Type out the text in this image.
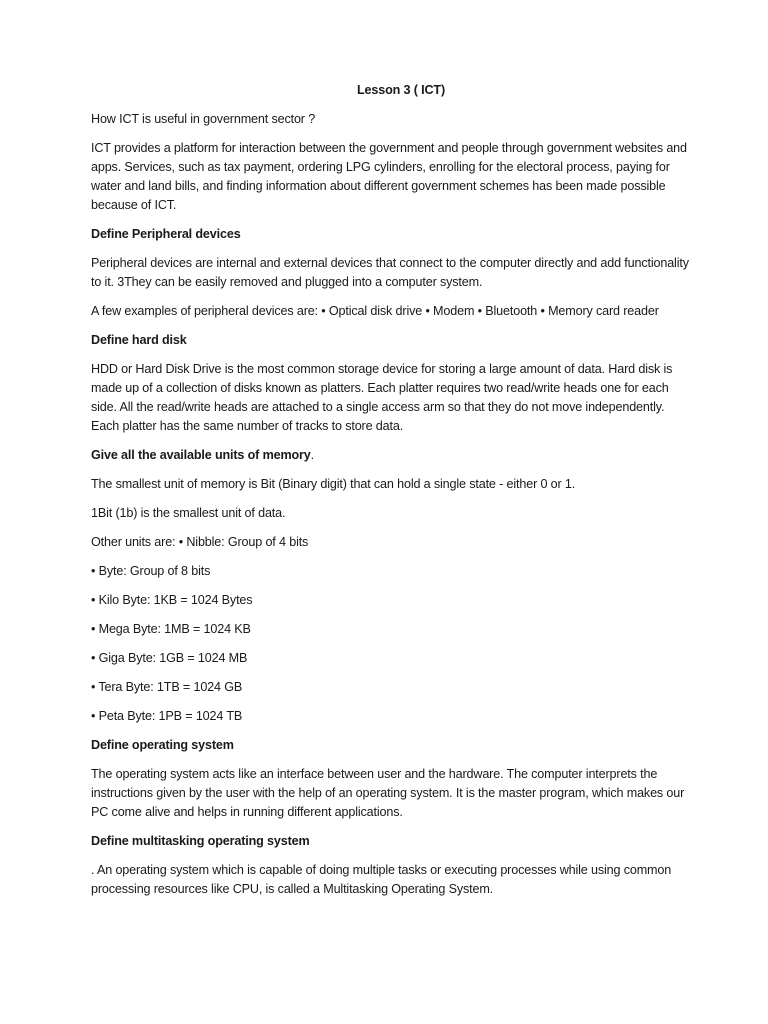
Lesson 3 ( ICT)

How ICT is useful in government sector ?

ICT provides a platform for interaction between the government and people through government websites and apps. Services, such as tax payment, ordering LPG cylinders, enrolling for the electoral process, paying for water and land bills, and finding information about different government schemes has been made possible because of ICT.

Define Peripheral devices

Peripheral devices are internal and external devices that connect to the computer directly and add functionality to it. 3They can be easily removed and plugged into a computer system.

A few examples of peripheral devices are: • Optical disk drive • Modem • Bluetooth • Memory card reader

Define hard disk

HDD or Hard Disk Drive is the most common storage device for storing a large amount of data. Hard disk is made up of a collection of disks known as platters. Each platter requires two read/write heads one for each side. All the read/write heads are attached to a single access arm so that they do not move independently. Each platter has the same number of tracks to store data.

Give all the available units of memory.

The smallest unit of memory is Bit (Binary digit) that can hold a single state - either 0 or 1.

1Bit (1b) is the smallest unit of data.

Other units are: • Nibble: Group of 4 bits

• Byte: Group of 8 bits

• Kilo Byte: 1KB = 1024 Bytes

• Mega Byte: 1MB = 1024 KB

• Giga Byte: 1GB = 1024 MB

• Tera Byte: 1TB = 1024 GB

• Peta Byte: 1PB = 1024 TB

Define operating system

The operating system acts like an interface between user and the hardware. The computer interprets the instructions given by the user with the help of an operating system. It is the master program, which makes our PC come alive and helps in running different applications.

Define multitasking operating system

. An operating system which is capable of doing multiple tasks or executing processes while using common processing resources like CPU, is called a Multitasking Operating System.
